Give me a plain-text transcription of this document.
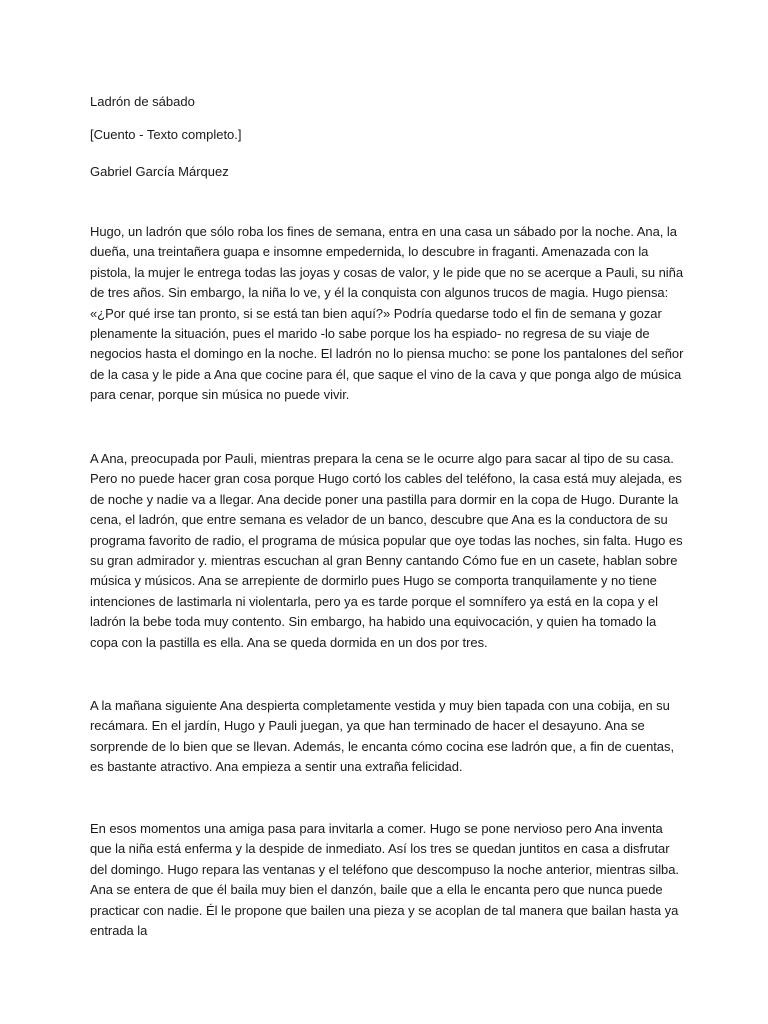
Ladrón de sábado

[Cuento - Texto completo.]

Gabriel García Márquez

Hugo, un ladrón que sólo roba los fines de semana, entra en una casa un sábado por la noche. Ana, la dueña, una treintañera guapa e insomne empedernida, lo descubre in fraganti. Amenazada con la pistola, la mujer le entrega todas las joyas y cosas de valor, y le pide que no se acerque a Pauli, su niña de tres años. Sin embargo, la niña lo ve, y él la conquista con algunos trucos de magia. Hugo piensa: «¿Por qué irse tan pronto, si se está tan bien aquí?» Podría quedarse todo el fin de semana y gozar plenamente la situación, pues el marido -lo sabe porque los ha espiado- no regresa de su viaje de negocios hasta el domingo en la noche. El ladrón no lo piensa mucho: se pone los pantalones del señor de la casa y le pide a Ana que cocine para él, que saque el vino de la cava y que ponga algo de música para cenar, porque sin música no puede vivir.

A Ana, preocupada por Pauli, mientras prepara la cena se le ocurre algo para sacar al tipo de su casa. Pero no puede hacer gran cosa porque Hugo cortó los cables del teléfono, la casa está muy alejada, es de noche y nadie va a llegar. Ana decide poner una pastilla para dormir en la copa de Hugo. Durante la cena, el ladrón, que entre semana es velador de un banco, descubre que Ana es la conductora de su programa favorito de radio, el programa de música popular que oye todas las noches, sin falta. Hugo es su gran admirador y. mientras escuchan al gran Benny cantando Cómo fue en un casete, hablan sobre música y músicos. Ana se arrepiente de dormirlo pues Hugo se comporta tranquilamente y no tiene intenciones de lastimarla ni violentarla, pero ya es tarde porque el somnífero ya está en la copa y el ladrón la bebe toda muy contento. Sin embargo, ha habido una equivocación, y quien ha tomado la copa con la pastilla es ella. Ana se queda dormida en un dos por tres.

A la mañana siguiente Ana despierta completamente vestida y muy bien tapada con una cobija, en su recámara. En el jardín, Hugo y Pauli juegan, ya que han terminado de hacer el desayuno. Ana se sorprende de lo bien que se llevan. Además, le encanta cómo cocina ese ladrón que, a fin de cuentas, es bastante atractivo. Ana empieza a sentir una extraña felicidad.

En esos momentos una amiga pasa para invitarla a comer. Hugo se pone nervioso pero Ana inventa que la niña está enferma y la despide de inmediato. Así los tres se quedan juntitos en casa a disfrutar del domingo. Hugo repara las ventanas y el teléfono que descompuso la noche anterior, mientras silba. Ana se entera de que él baila muy bien el danzón, baile que a ella le encanta pero que nunca puede practicar con nadie. Él le propone que bailen una pieza y se acoplan de tal manera que bailan hasta ya entrada la
